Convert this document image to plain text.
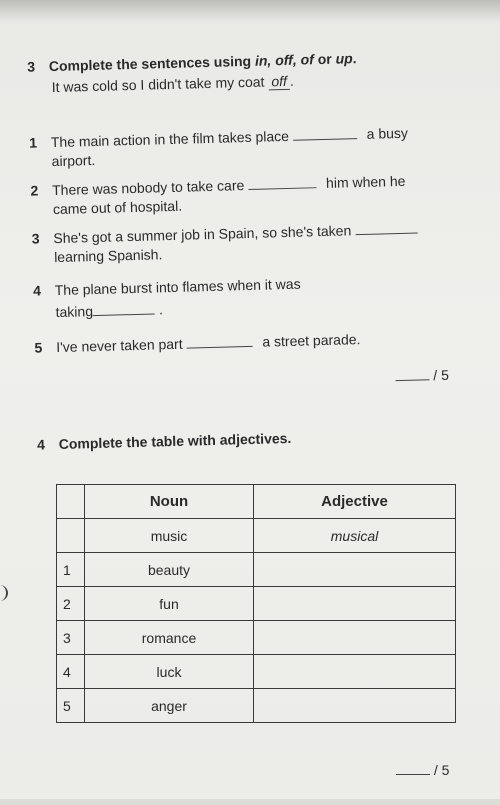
3 Complete the sentences using in, off, of or up.
It was cold so I didn't take my coat off .
1 The main action in the film takes place	a busy
airport.
2 There was nobody to take care	him when he
came out of hospital.
3 She's got a summer job in Spain, so she's taken
learning Spanish.
4 The plane burst into flames when it was
taking	.
5 I've never taken part	a street parade.
/ 5
4 Complete the table with adjectives.
	Noun	Adjective
	music	musical
1	beauty	
2	fun	
3	romance	
4	luck	
5	anger	
/ 5
